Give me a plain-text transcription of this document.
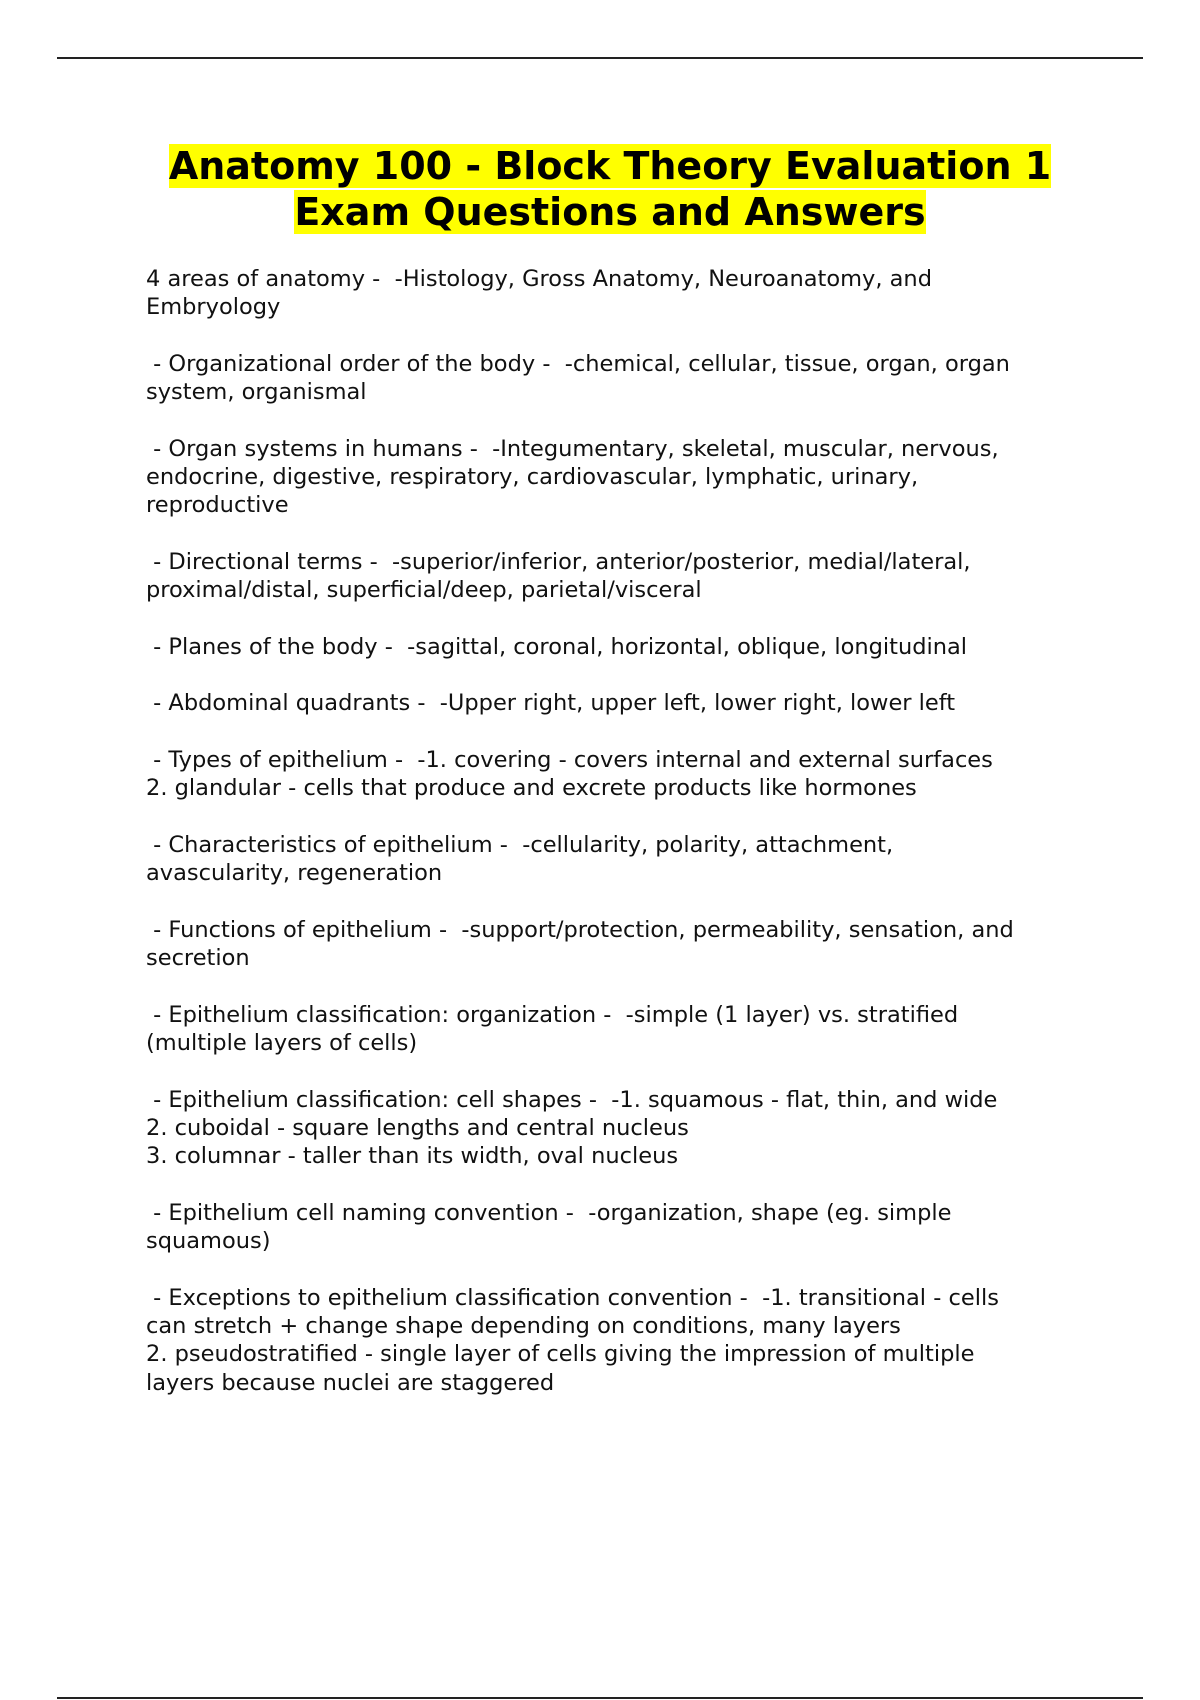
Anatomy 100 - Block Theory Evaluation 1
Exam Questions and Answers

4 areas of anatomy -  -Histology, Gross Anatomy, Neuroanatomy, and
Embryology

- Organizational order of the body -  -chemical, cellular, tissue, organ, organ
system, organismal

- Organ systems in humans -  -Integumentary, skeletal, muscular, nervous,
endocrine, digestive, respiratory, cardiovascular, lymphatic, urinary,
reproductive

- Directional terms -  -superior/inferior, anterior/posterior, medial/lateral,
proximal/distal, superficial/deep, parietal/visceral

- Planes of the body -  -sagittal, coronal, horizontal, oblique, longitudinal

- Abdominal quadrants -  -Upper right, upper left, lower right, lower left

- Types of epithelium -  -1. covering - covers internal and external surfaces
2. glandular - cells that produce and excrete products like hormones

- Characteristics of epithelium -  -cellularity, polarity, attachment,
avascularity, regeneration

- Functions of epithelium -  -support/protection, permeability, sensation, and
secretion

- Epithelium classification: organization -  -simple (1 layer) vs. stratified
(multiple layers of cells)

- Epithelium classification: cell shapes -  -1. squamous - flat, thin, and wide
2. cuboidal - square lengths and central nucleus
3. columnar - taller than its width, oval nucleus

- Epithelium cell naming convention -  -organization, shape (eg. simple
squamous)

- Exceptions to epithelium classification convention -  -1. transitional - cells
can stretch + change shape depending on conditions, many layers
2. pseudostratified - single layer of cells giving the impression of multiple
layers because nuclei are staggered
